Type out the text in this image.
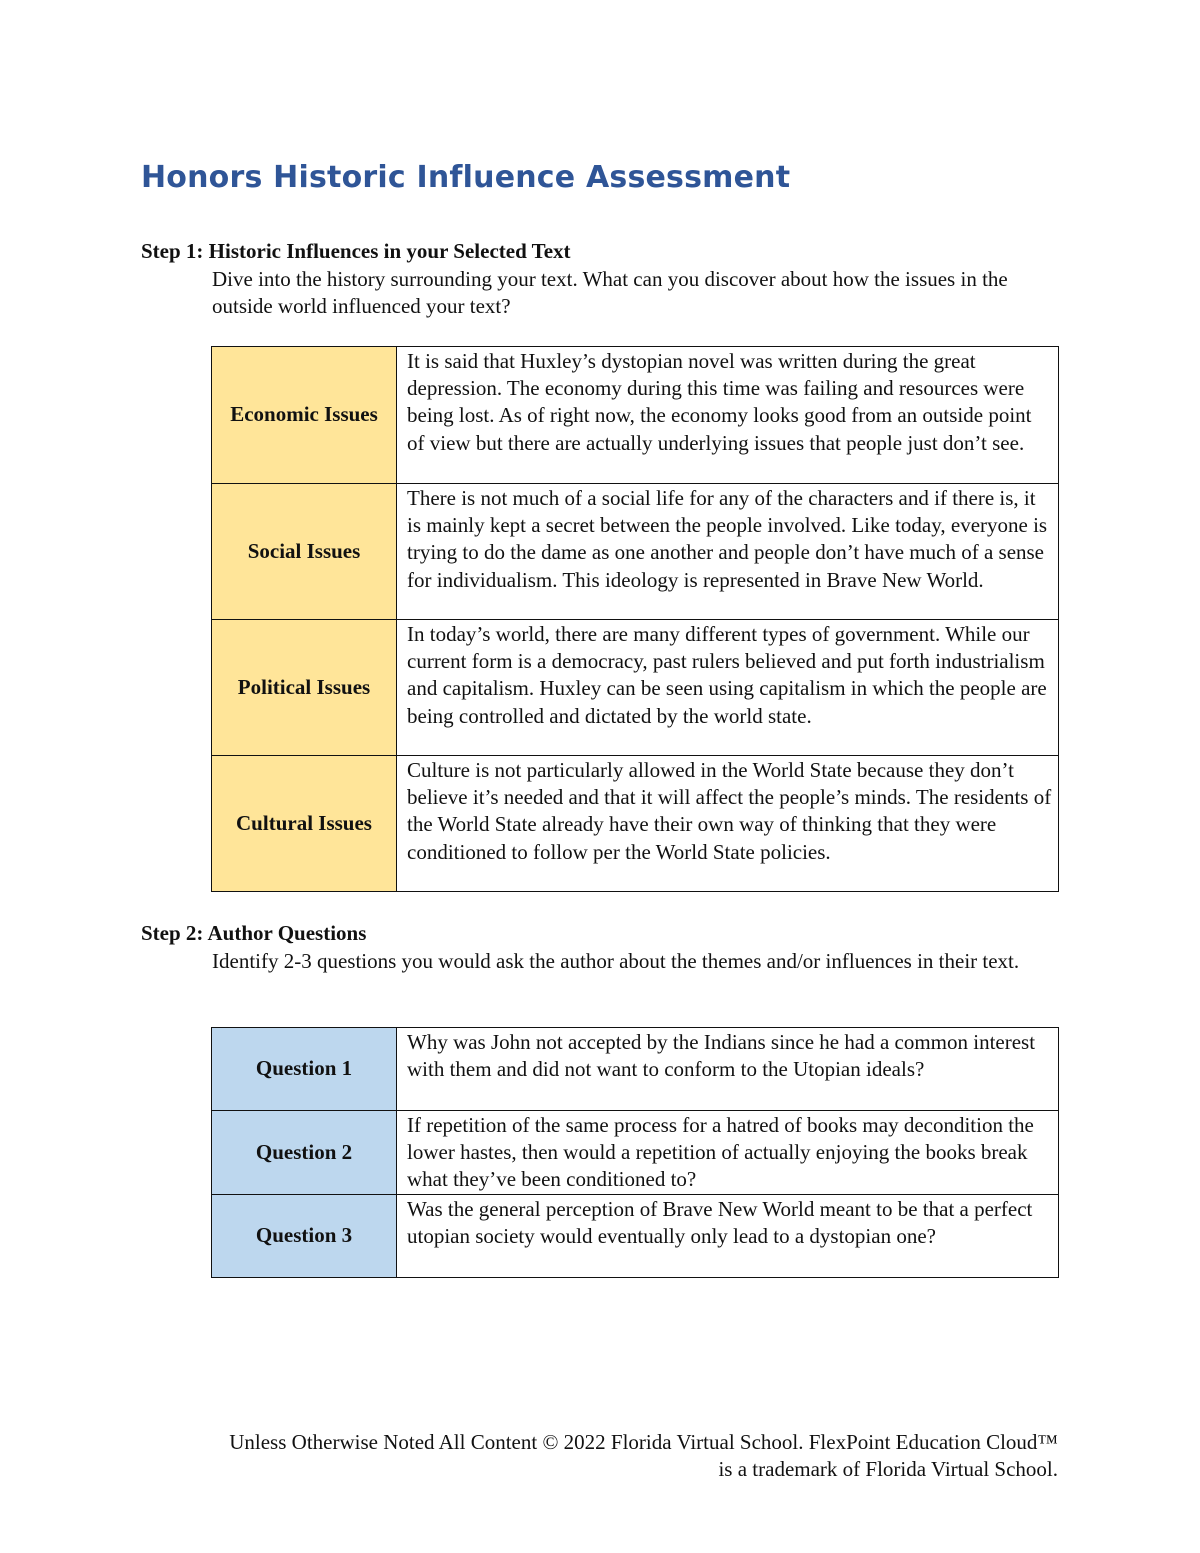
Honors Historic Influence Assessment

Step 1: Historic Influences in your Selected Text

Dive into the history surrounding your text. What can you discover about how the issues in the outside world influenced your text?

Economic Issues	It is said that Huxley’s dystopian novel was written during the great depression. The economy during this time was failing and resources were being lost. As of right now, the economy looks good from an outside point of view but there are actually underlying issues that people just don’t see.
Social Issues	There is not much of a social life for any of the characters and if there is, it is mainly kept a secret between the people involved. Like today, everyone is trying to do the dame as one another and people don’t have much of a sense for individualism. This ideology is represented in Brave New World.
Political Issues	In today’s world, there are many different types of government. While our current form is a democracy, past rulers believed and put forth industrialism and capitalism. Huxley can be seen using capitalism in which the people are being controlled and dictated by the world state.
Cultural Issues	Culture is not particularly allowed in the World State because they don’t believe it’s needed and that it will affect the people’s minds. The residents of the World State already have their own way of thinking that they were conditioned to follow per the World State policies.

Step 2: Author Questions

Identify 2-3 questions you would ask the author about the themes and/or influences in their text.

Question 1	Why was John not accepted by the Indians since he had a common interest with them and did not want to conform to the Utopian ideals?
Question 2	If repetition of the same process for a hatred of books may decondition the lower hastes, then would a repetition of actually enjoying the books break what they’ve been conditioned to?
Question 3	Was the general perception of Brave New World meant to be that a perfect utopian society would eventually only lead to a dystopian one?

Unless Otherwise Noted All Content © 2022 Florida Virtual School. FlexPoint Education Cloud™ is a trademark of Florida Virtual School.
